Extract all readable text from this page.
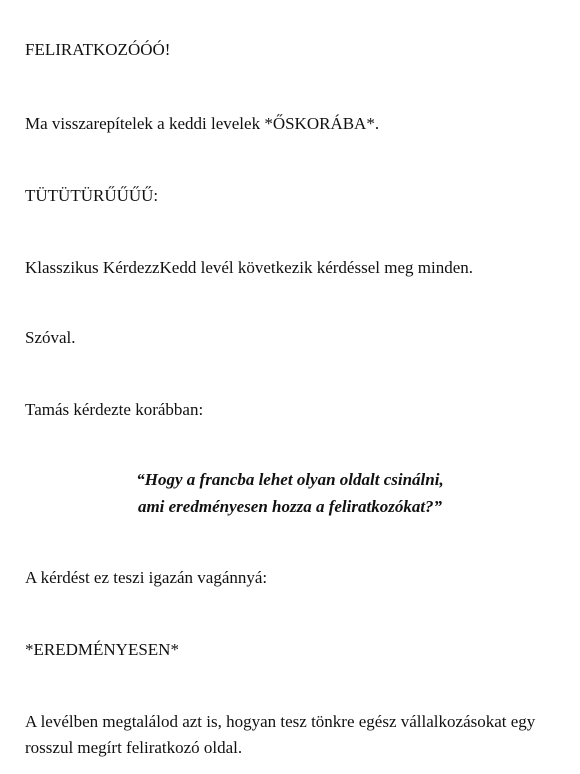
FELIRATKOZÓÓÓ!

Ma visszarepítelek a keddi levelek *ŐSKORÁBA*.

TÜTÜTÜRŰŰŰŰ:

Klasszikus KérdezzKedd levél következik kérdéssel meg minden.

Szóval.

Tamás kérdezte korábban:

“Hogy a francba lehet olyan oldalt csinálni,
ami eredményesen hozza a feliratkozókat?”

A kérdést ez teszi igazán vagánnyá:

*EREDMÉNYESEN*

A levélben megtalálod azt is, hogyan tesz tönkre egész vállalkozásokat egy

rosszul megírt feliratkozó oldal.
